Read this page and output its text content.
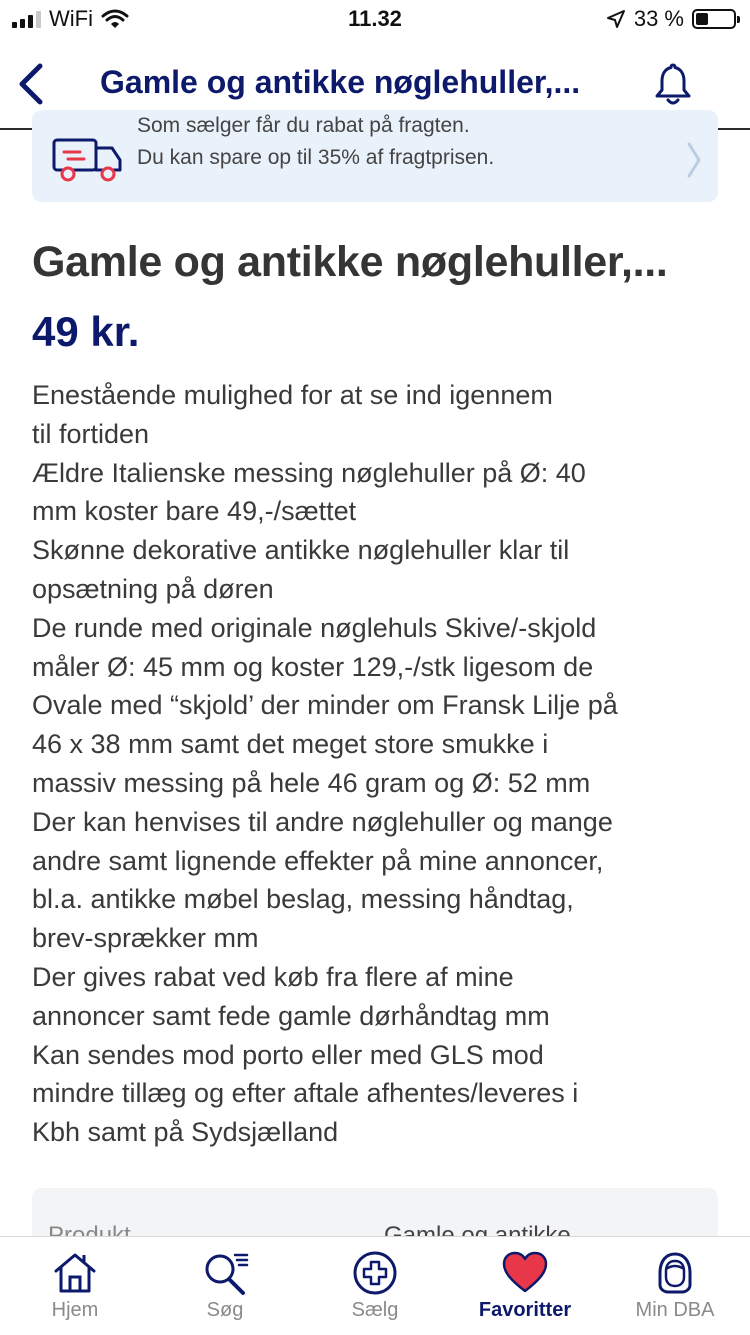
WiFi	11.32	33 %
Gamle og antikke nøglehuller,...
Som sælger får du rabat på fragten.
Du kan spare op til 35% af fragtprisen.
Gamle og antikke nøglehuller,...
49 kr.
Enestående mulighed for at se ind igennem
til fortiden
Ældre Italienske messing nøglehuller på Ø: 40
mm koster bare 49,-/sættet
Skønne dekorative antikke nøglehuller klar til
opsætning på døren
De runde med originale nøglehuls Skive/-skjold
måler Ø: 45 mm og koster 129,-/stk ligesom de
Ovale med “skjold’ der minder om Fransk Lilje på
46 x 38 mm samt det meget store smukke i
massiv messing på hele 46 gram og Ø: 52 mm
Der kan henvises til andre nøglehuller og mange
andre samt lignende effekter på mine annoncer,
bl.a. antikke møbel beslag, messing håndtag,
brev-sprækker mm
Der gives rabat ved køb fra flere af mine
annoncer samt fede gamle dørhåndtag mm
Kan sendes mod porto eller med GLS mod
mindre tillæg og efter aftale afhentes/leveres i
Kbh samt på Sydsjælland
Hjem	Søg	Sælg	Favoritter	Min DBA
